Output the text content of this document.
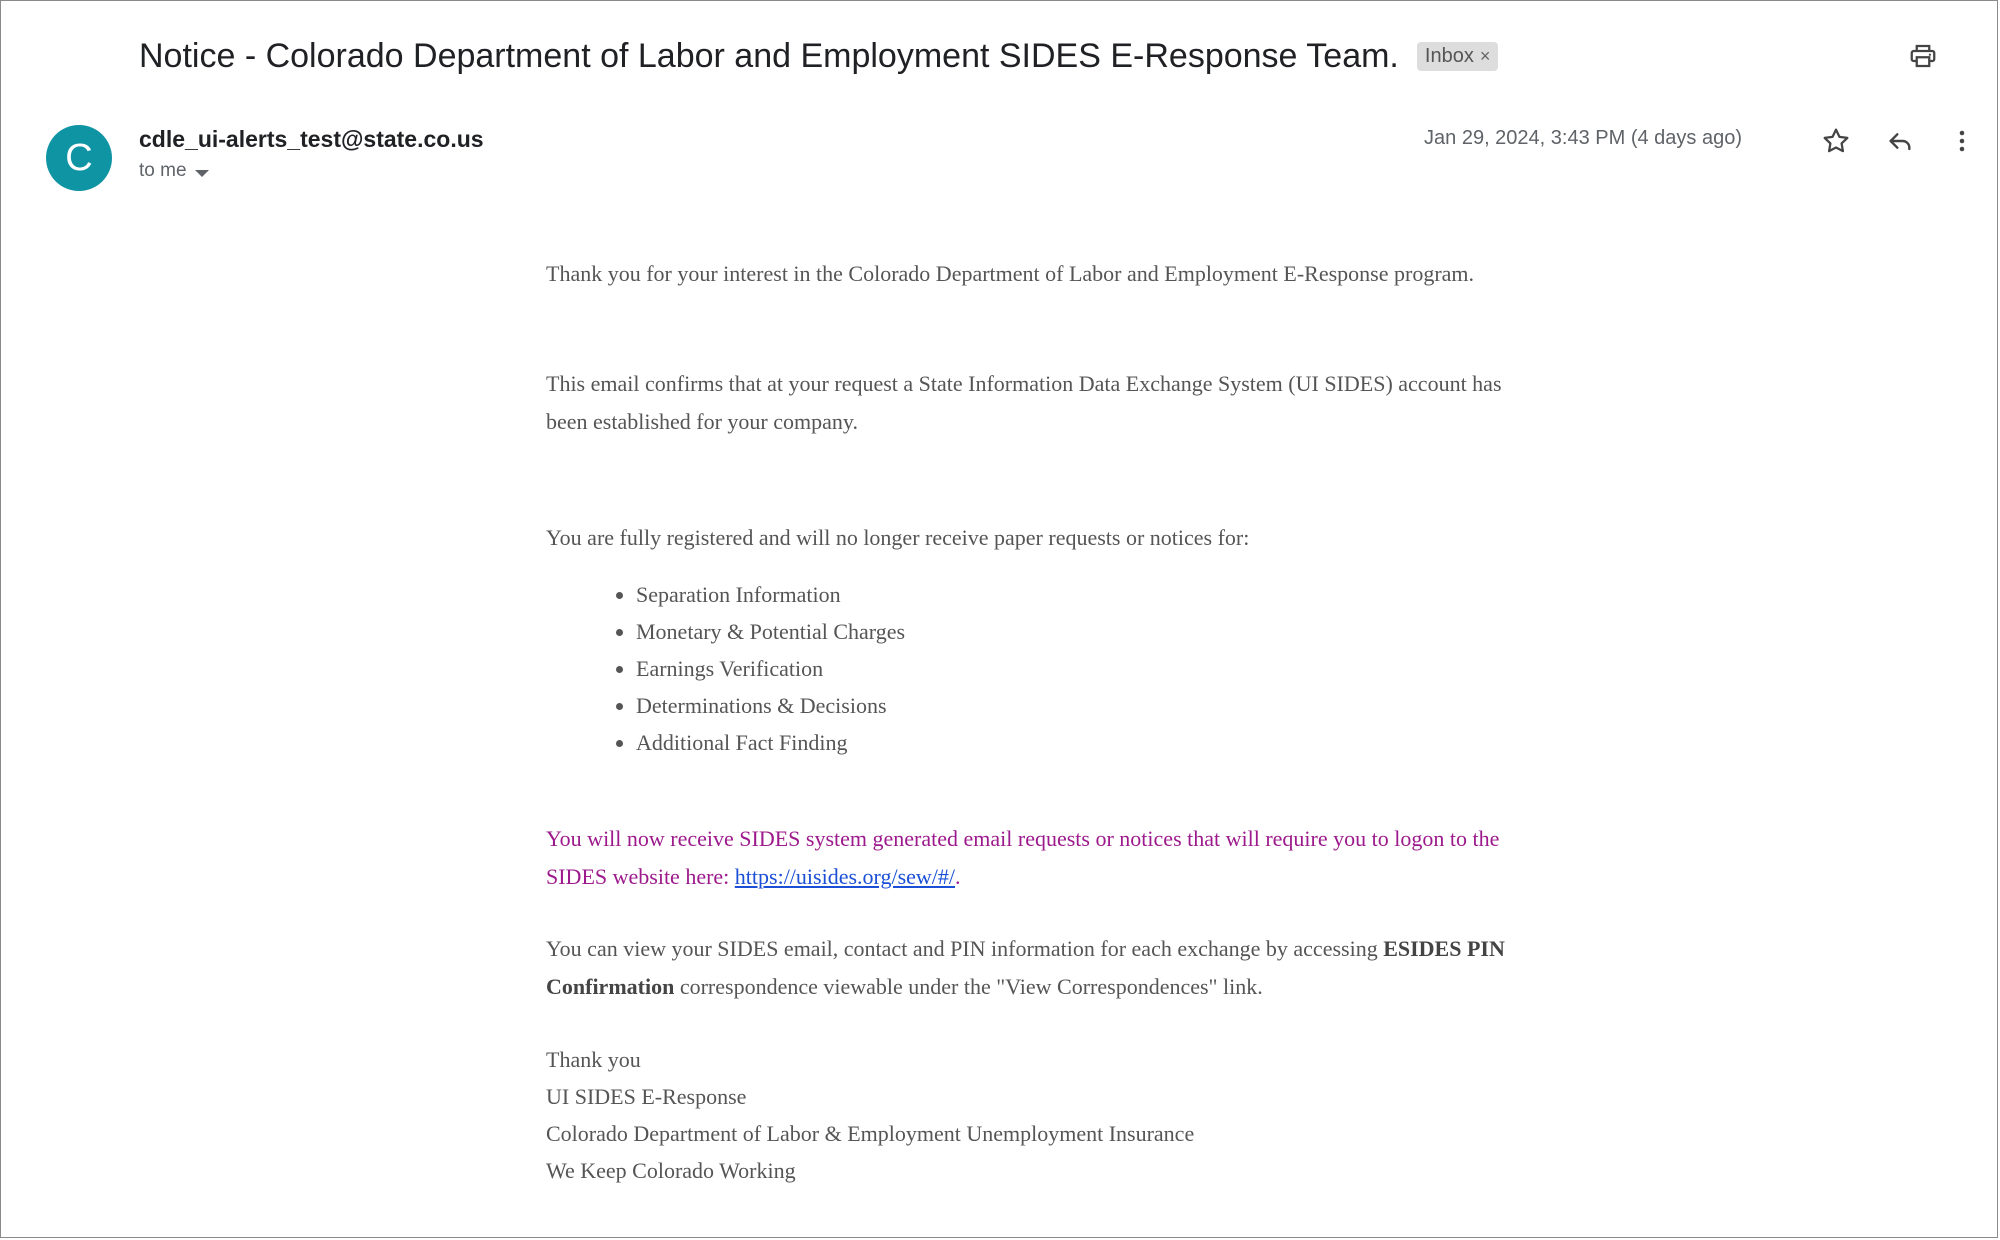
Notice - Colorado Department of Labor and Employment SIDES E-Response Team. Inbox ×
C	cdle_ui-alerts_test@state.co.us
to me
Jan 29, 2024, 3:43 PM (4 days ago)

Thank you for your interest in the Colorado Department of Labor and Employment E-Response program.

This email confirms that at your request a State Information Data Exchange System (UI SIDES) account has been established for your company.

You are fully registered and will no longer receive paper requests or notices for:

• Separation Information
• Monetary & Potential Charges
• Earnings Verification
• Determinations & Decisions
• Additional Fact Finding

You will now receive SIDES system generated email requests or notices that will require you to logon to the SIDES website here: https://uisides.org/sew/#/.

You can view your SIDES email, contact and PIN information for each exchange by accessing ESIDES PIN Confirmation correspondence viewable under the "View Correspondences" link.

Thank you
UI SIDES E-Response
Colorado Department of Labor & Employment Unemployment Insurance
We Keep Colorado Working
